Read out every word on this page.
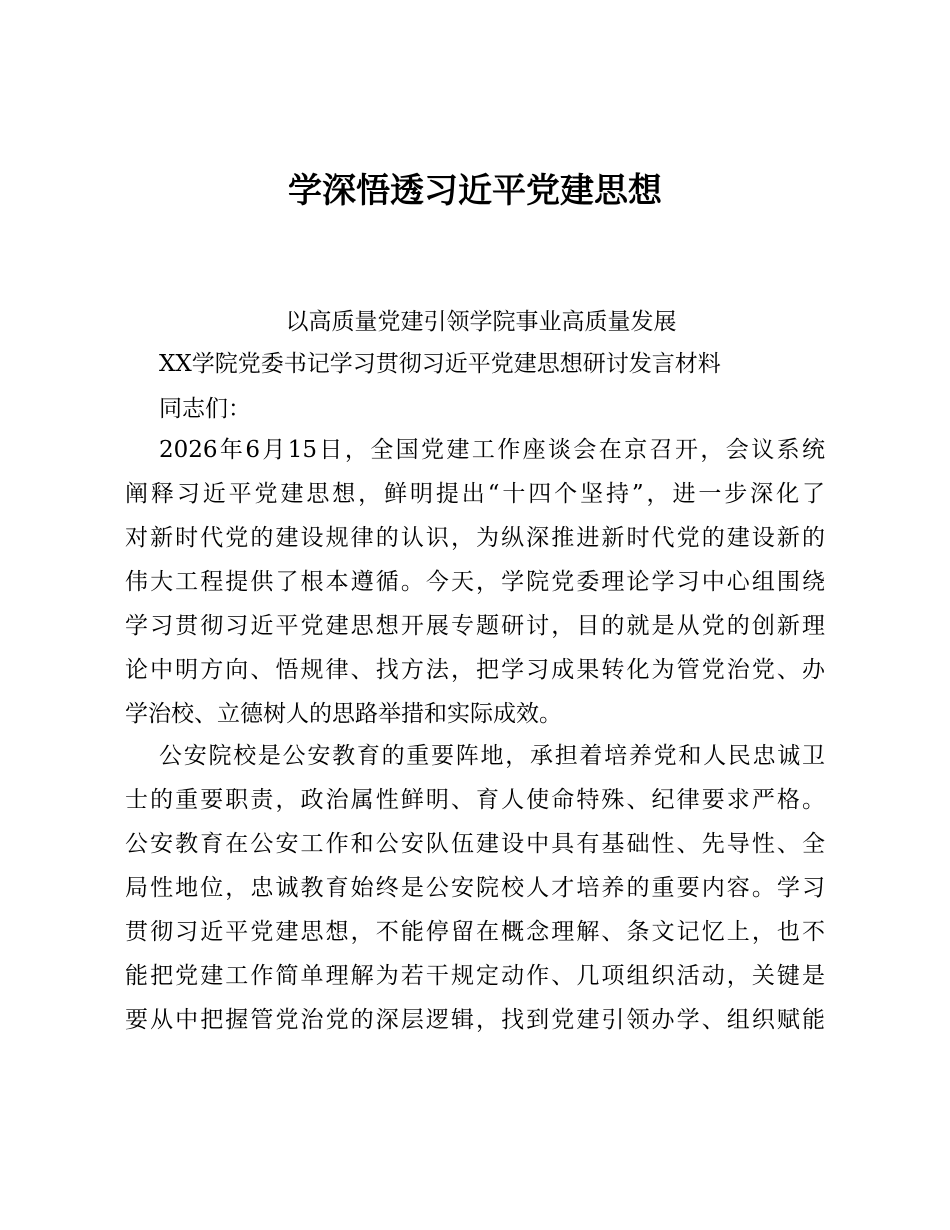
学深悟透习近平党建思想

以高质量党建引领学院事业高质量发展

XX学院党委书记学习贯彻习近平党建思想研讨发言材料

同志们：

2026年6月15日，全国党建工作座谈会在京召开，会议系统
阐释习近平党建思想，鲜明提出“十四个坚持”，进一步深化了
对新时代党的建设规律的认识，为纵深推进新时代党的建设新的
伟大工程提供了根本遵循。今天，学院党委理论学习中心组围绕
学习贯彻习近平党建思想开展专题研讨，目的就是从党的创新理
论中明方向、悟规律、找方法，把学习成果转化为管党治党、办
学治校、立德树人的思路举措和实际成效。
公安院校是公安教育的重要阵地，承担着培养党和人民忠诚卫
士的重要职责，政治属性鲜明、育人使命特殊、纪律要求严格。
公安教育在公安工作和公安队伍建设中具有基础性、先导性、全
局性地位，忠诚教育始终是公安院校人才培养的重要内容。学习
贯彻习近平党建思想，不能停留在概念理解、条文记忆上，也不
能把党建工作简单理解为若干规定动作、几项组织活动，关键是
要从中把握管党治党的深层逻辑，找到党建引领办学、组织赋能
